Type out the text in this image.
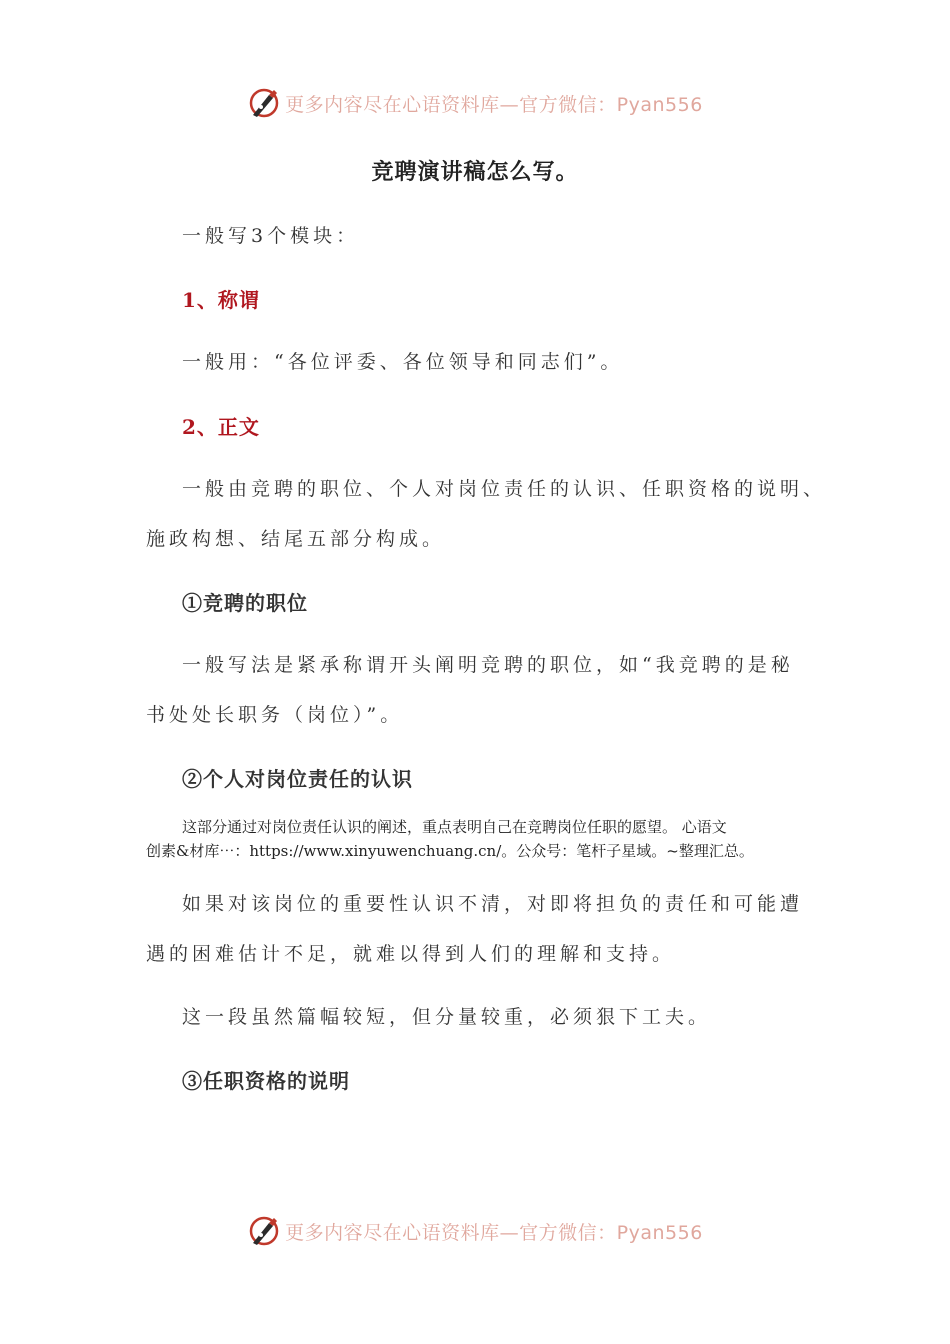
更多内容尽在心语资料库—官方微信：Pyan556
竞聘演讲稿怎么写。
一般写3个模块：
1、称谓
一般用：“各位评委、各位领导和同志们”。
2、正文
一般由竞聘的职位、个人对岗位责任的认识、任职资格的说明、
施政构想、结尾五部分构成。
①竞聘的职位
一般写法是紧承称谓开头阐明竞聘的职位，如“我竞聘的是秘
书处处长职务（岗位）”。
②个人对岗位责任的认识
这部分通过对岗位责任认识的阐述，重点表明自己在竞聘岗位任职的愿望。 心语文
创素&材库⋯：https://www.xinyuwenchuang.cn/。公众号：笔杆子星域。~整理汇总。
如果对该岗位的重要性认识不清，对即将担负的责任和可能遭
遇的困难估计不足，就难以得到人们的理解和支持。
这一段虽然篇幅较短，但分量较重，必须狠下工夫。
③任职资格的说明
更多内容尽在心语资料库—官方微信：Pyan556
